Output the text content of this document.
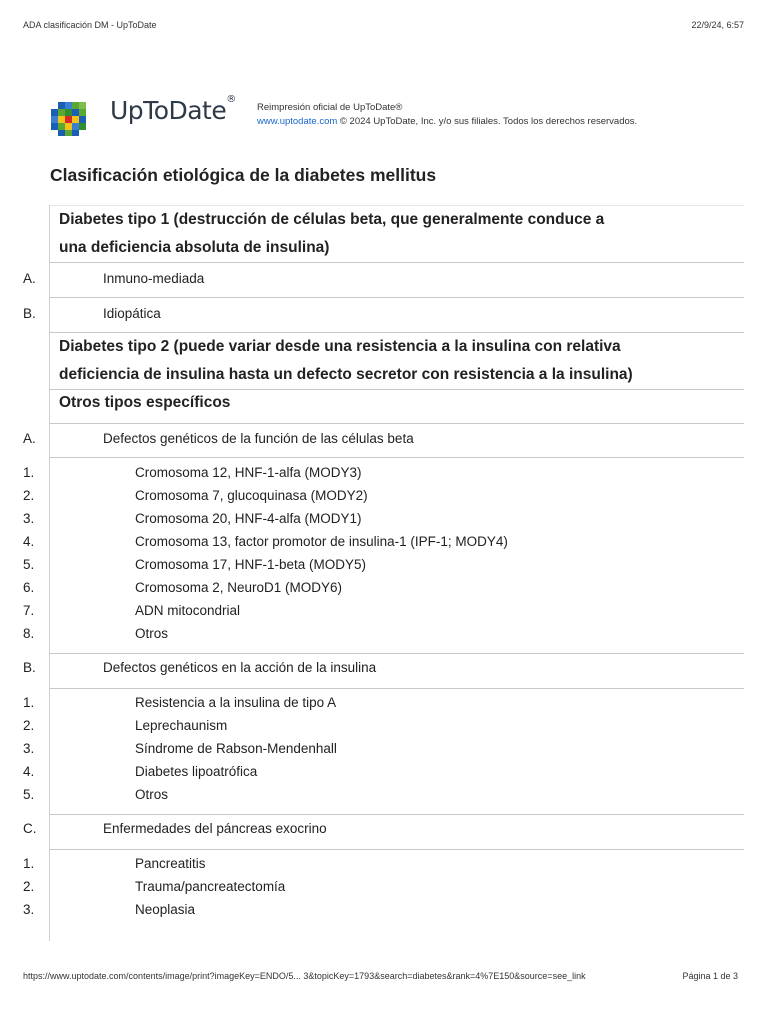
ADA clasificación DM - UpToDate	22/9/24, 6:57
UpToDate®
Reimpresión oficial de UpToDate®
www.uptodate.com © 2024 UpToDate, Inc. y/o sus filiales. Todos los derechos reservados.
Clasificación etiológica de la diabetes mellitus
Diabetes tipo 1 (destrucción de células beta, que generalmente conduce a
una deficiencia absoluta de insulina)
A.	Inmuno-mediada
B.	Idiopática
Diabetes tipo 2 (puede variar desde una resistencia a la insulina con relativa
deficiencia de insulina hasta un defecto secretor con resistencia a la insulina)
Otros tipos específicos
A.	Defectos genéticos de la función de las células beta
1.	Cromosoma 12, HNF-1-alfa (MODY3)
2.	Cromosoma 7, glucoquinasa (MODY2)
3.	Cromosoma 20, HNF-4-alfa (MODY1)
4.	Cromosoma 13, factor promotor de insulina-1 (IPF-1; MODY4)
5.	Cromosoma 17, HNF-1-beta (MODY5)
6.	Cromosoma 2, NeuroD1 (MODY6)
7.	ADN mitocondrial
8.	Otros
B.	Defectos genéticos en la acción de la insulina
1.	Resistencia a la insulina de tipo A
2.	Leprechaunism
3.	Síndrome de Rabson-Mendenhall
4.	Diabetes lipoatrófica
5.	Otros
C.	Enfermedades del páncreas exocrino
1.	Pancreatitis
2.	Trauma/pancreatectomía
3.	Neoplasia
https://www.uptodate.com/contents/image/print?imageKey=ENDO/5... 3&topicKey=1793&search=diabetes&rank=4%7E150&source=see_link	Página 1 de 3
